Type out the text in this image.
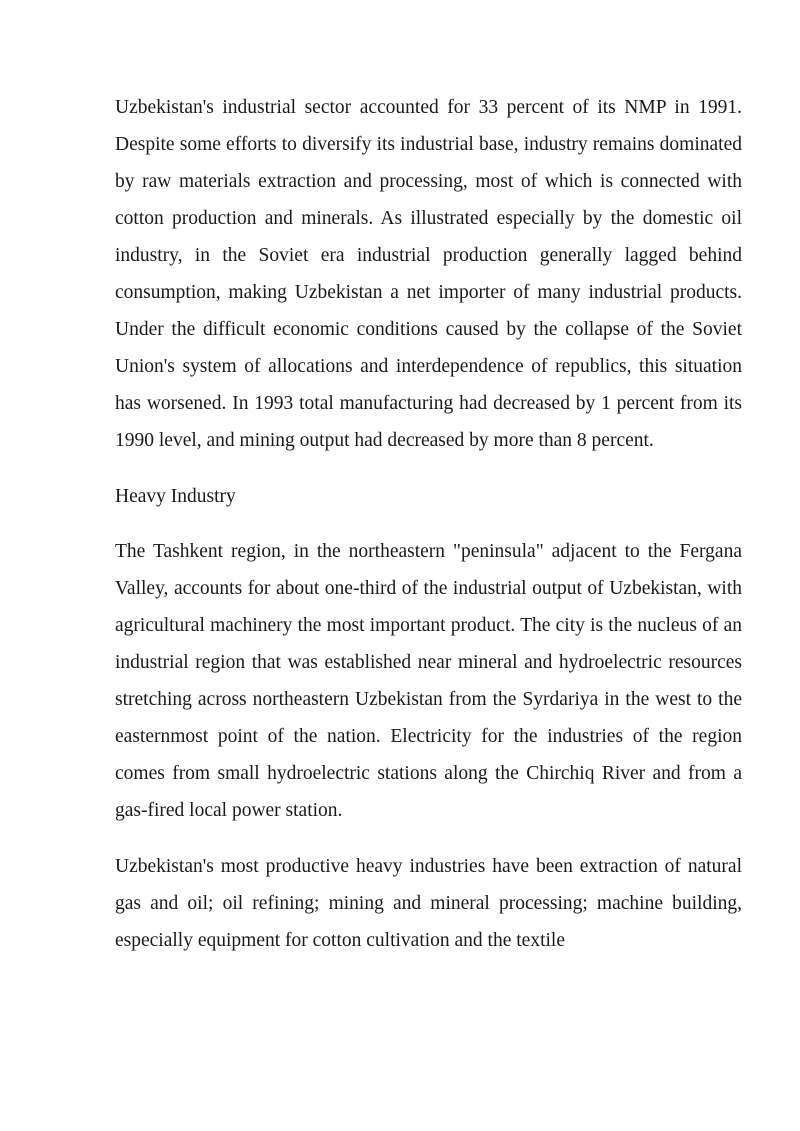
Uzbekistan's industrial sector accounted for 33 percent of its NMP in 1991. Despite some efforts to diversify its industrial base, industry remains dominated by raw materials extraction and processing, most of which is connected with cotton production and minerals. As illustrated especially by the domestic oil industry, in the Soviet era industrial production generally lagged behind consumption, making Uzbekistan a net importer of many industrial products. Under the difficult economic conditions caused by the collapse of the Soviet Union's system of allocations and interdependence of republics, this situation has worsened. In 1993 total manufacturing had decreased by 1 percent from its 1990 level, and mining output had decreased by more than 8 percent.

Heavy Industry

The Tashkent region, in the northeastern "peninsula" adjacent to the Fergana Valley, accounts for about one-third of the industrial output of Uzbekistan, with agricultural machinery the most important product. The city is the nucleus of an industrial region that was established near mineral and hydroelectric resources stretching across northeastern Uzbekistan from the Syrdariya in the west to the easternmost point of the nation. Electricity for the industries of the region comes from small hydroelectric stations along the Chirchiq River and from a gas-fired local power station.

Uzbekistan's most productive heavy industries have been extraction of natural gas and oil; oil refining; mining and mineral processing; machine building, especially equipment for cotton cultivation and the textile
